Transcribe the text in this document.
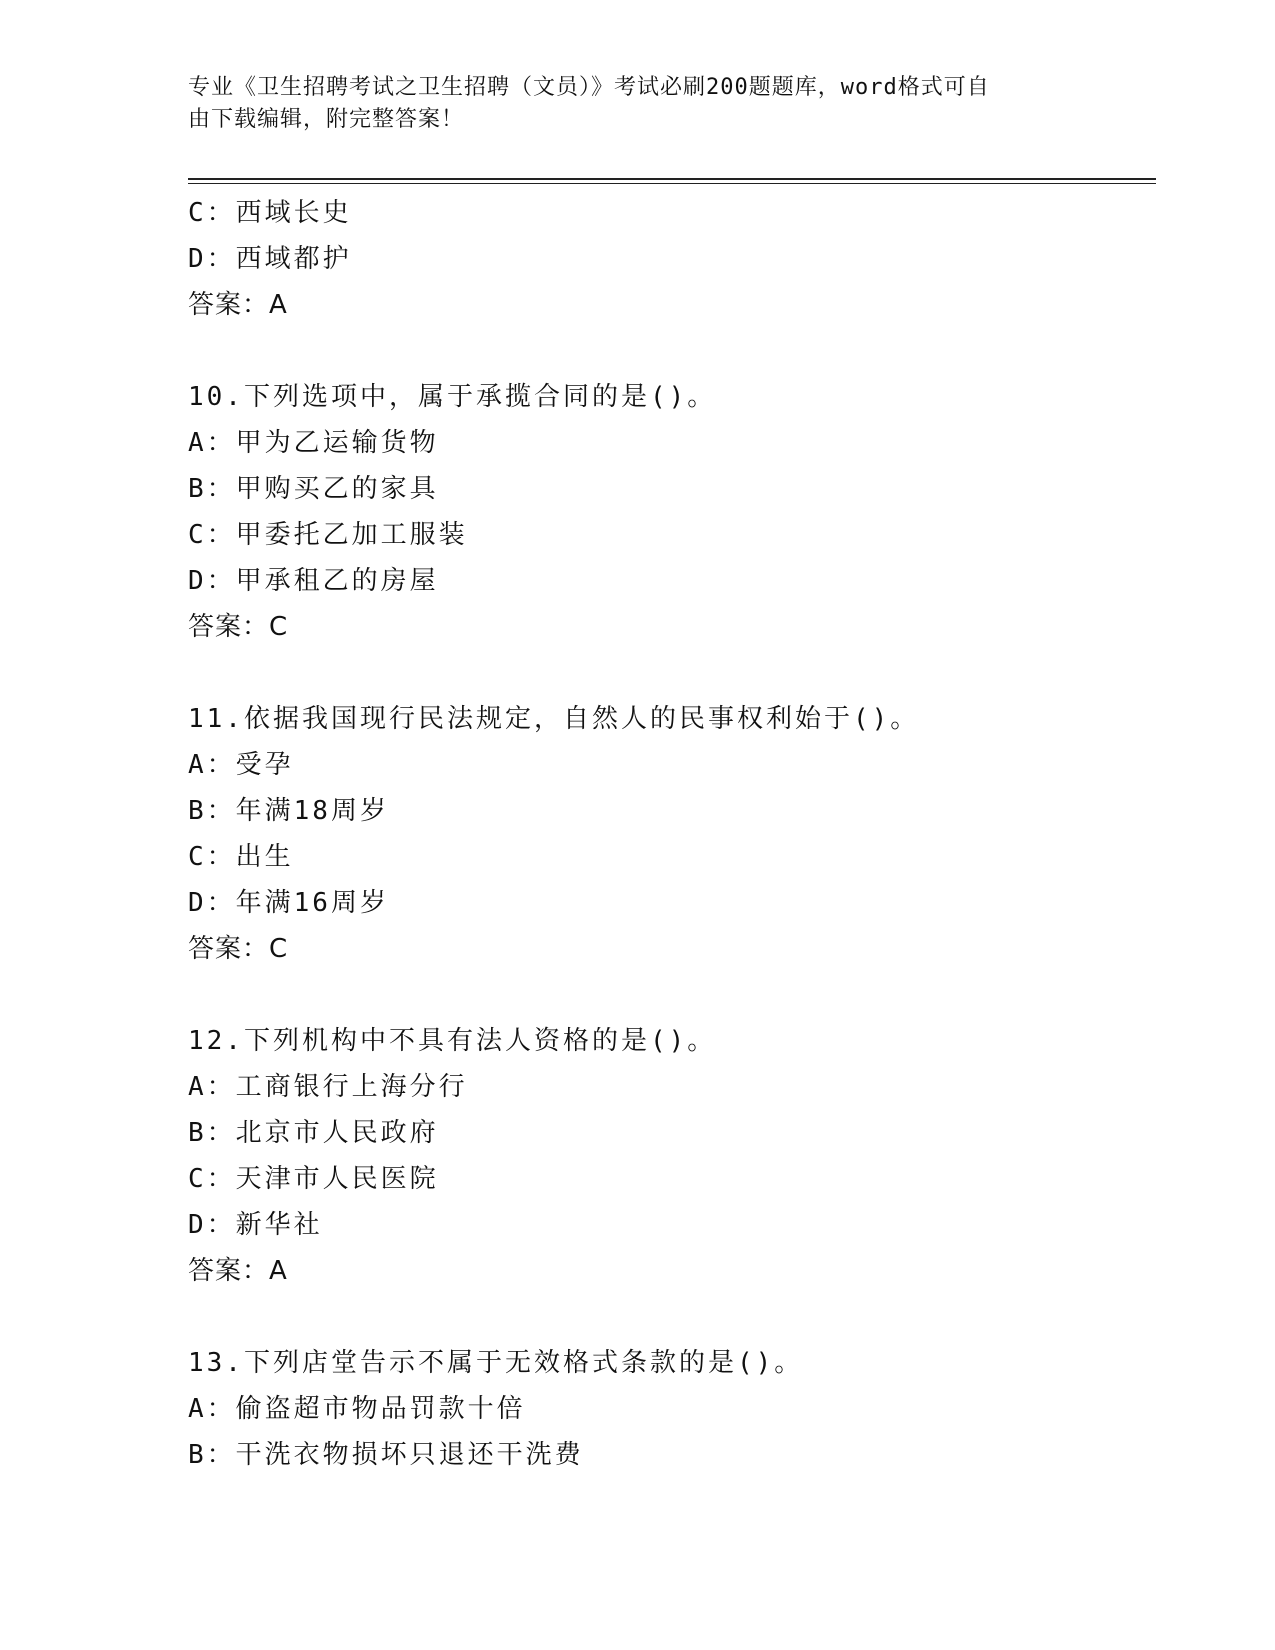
专业《卫生招聘考试之卫生招聘（文员）》考试必刷200题题库，word格式可自
由下载编辑，附完整答案！
C：西域长史
D：西域都护
答案：A
10.下列选项中，属于承揽合同的是()。
A：甲为乙运输货物
B：甲购买乙的家具
C：甲委托乙加工服装
D：甲承租乙的房屋
答案：C
11.依据我国现行民法规定，自然人的民事权利始于()。
A：受孕
B：年满18周岁
C：出生
D：年满16周岁
答案：C
12.下列机构中不具有法人资格的是()。
A：工商银行上海分行
B：北京市人民政府
C：天津市人民医院
D：新华社
答案：A
13.下列店堂告示不属于无效格式条款的是()。
A：偷盗超市物品罚款十倍
B：干洗衣物损坏只退还干洗费
